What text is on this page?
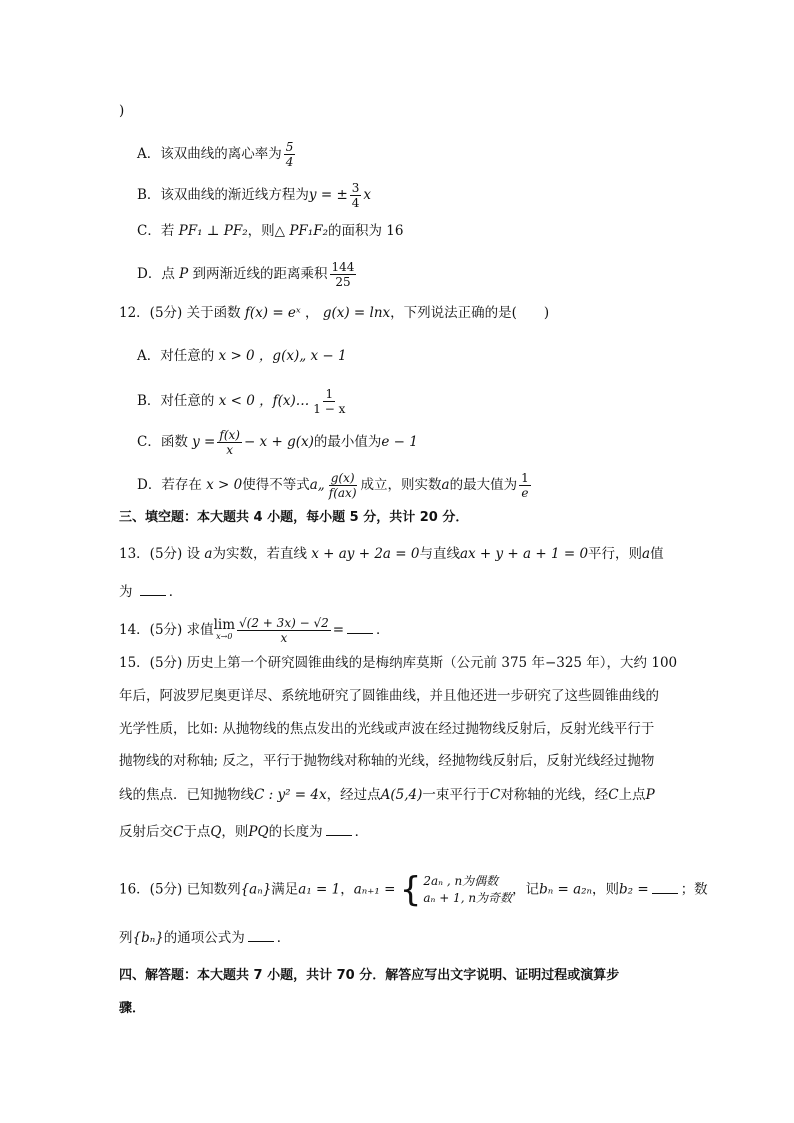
)
A．该双曲线的离心率为 $\frac{5}{4}$
B．该双曲线的渐近线方程为y = ± $\frac{3}{4}$ x
C．若 PF₁ ⊥ PF₂，则△ PF₁F₂的面积为 16
D．点 P 到两渐近线的距离乘积 $\frac{144}{25}$
12．(5分) 关于函数 f(x) = eˣ ， g(x) = lnx，下列说法正确的是(　　)
A．对任意的 x > 0 ，g(x)„ x − 1
B．对任意的 x < 0 ，f(x)… $\frac{1}{1 - x}$
C．函数 $y = \frac{f(x)}{x} - x + g(x)$的最小值为e − 1
D．若存在 x > 0使得不等式a„ $\frac{g(x)}{f(ax)}$ 成立，则实数a的最大值为 $\frac{1}{e}$
三、填空题：本大题共 4 小题，每小题 5 分，共计 20 分．
13．(5分) 设 a为实数，若直线 x + ay + 2a = 0与直线ax + y + a + 1 = 0平行，则a值
为	．
14．(5分) 求值 lim
$x\to 0 \frac{√(2 + 3x) - √2}{x}$ = ．
15．(5分) 历史上第一个研究圆锥曲线的是梅纳库莫斯（公元前 375 年−325 年），大约 100
年后，阿波罗尼奥更详尽、系统地研究了圆锥曲线，并且他还进一步研究了这些圆锥曲线的
光学性质，比如: 从抛物线的焦点发出的光线或声波在经过抛物线反射后，反射光线平行于
抛物线的对称轴; 反之，平行于抛物线对称轴的光线，经抛物线反射后，反射光线经过抛物
线的焦点．已知抛物线C : y² = 4x，经过点A(5,4)一束平行于C对称轴的光线，经C上点P
反射后交C于点Q，则PQ的长度为 ．
16．(5分) 已知数列{aₙ}满足a₁ = 1，aₙ₊₁ = { 2aₙ , n为偶数
aₙ + 1, n为奇数
，记bₙ = a₂ₙ，则b₂ = ；数
列{bₙ}的通项公式为 ．
四、解答题：本大题共 7 小题，共计 70 分．解答应写出文字说明、证明过程或演算步
骤．
